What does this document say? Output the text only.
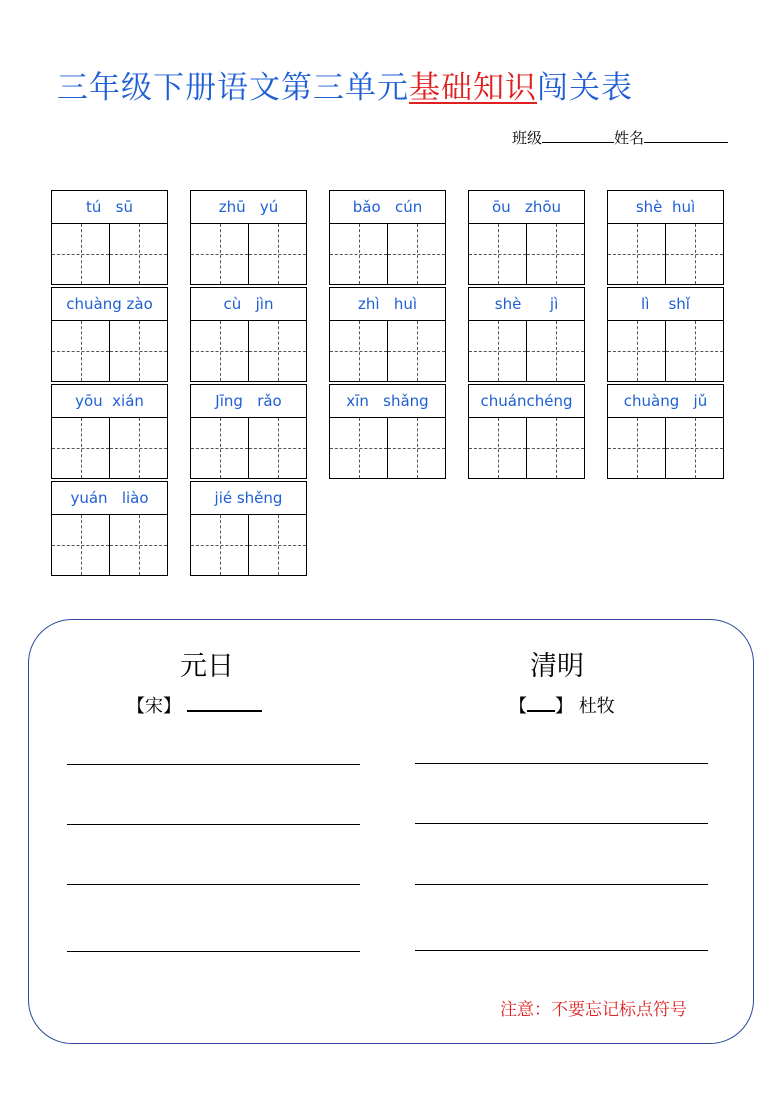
三年级下册语文第三单元基础知识闯关表
班级	姓名
tú   sū	zhū   yú	bǎo   cún	ōu   zhōu	shè  huì
chuàng zào	cù   jìn	zhì   huì	shè      jì	lì    shǐ
yōu  xián	Jīng   rǎo	xīn   shǎng	chuánchéng	chuàng   jǔ
yuán   liào	jié shěng
元日
【宋】
清明
【 】 杜牧
注意：不要忘记标点符号
